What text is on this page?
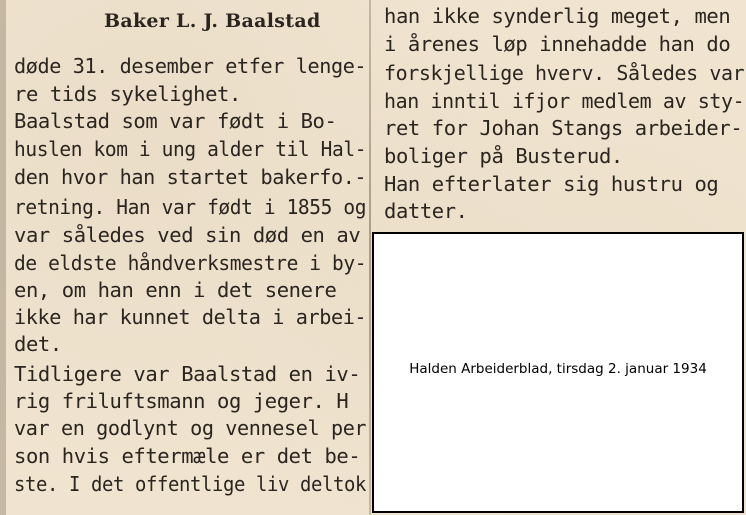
Baker L. J. Baalstad
døde 31. desember etfer lenge-
re tids sykelighet.
Baalstad som var født i Bo-
huslen kom i ung alder til Hal-
den hvor han startet bakerfo.-
retning. Han var født i 1855 og
var således ved sin død en av
de eldste håndverksmestre i by-
en, om han enn i det senere
ikke har kunnet delta i arbei-
det.
Tidligere var Baalstad en iv-
rig friluftsmann og jeger. H
var en godlynt og vennesel per
son hvis eftermæle er det be-
ste. I det offentlige liv deltok
han ikke synderlig meget, men
i årenes løp innehadde han do
forskjellige hverv. Således var
han inntil ifjor medlem av sty-
ret for Johan Stangs arbeider-
boliger på Busterud.
Han efterlater sig hustru og
datter.
Halden Arbeiderblad, tirsdag 2. januar 1934
